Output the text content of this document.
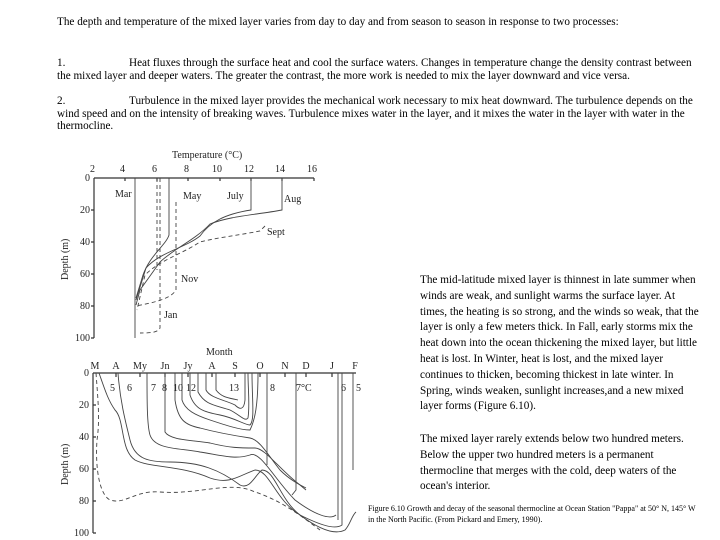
The depth and temperature of the mixed layer varies from day to day and from season to season in response to two processes:
1.	Heat fluxes through the surface heat and cool the surface waters. Changes in temperature change the density contrast between the mixed layer and deeper waters. The greater the contrast, the more work is needed to mix the layer downward and vice versa.
2.	Turbulence in the mixed layer provides the mechanical work necessary to mix heat downward. The turbulence depends on the wind speed and on the intensity of breaking waves. Turbulence mixes water in the layer, and it mixes the water in the layer with water in the thermocline.
Temperature (°C)
2	4	6	8 10 12 14 16
0
20
40
60
80
100
Depth (m)
Mar	May	July	Aug
Sept
Nov
Jan
Month
M A My Jn Jy A S O N D J F
0
20
40
60
80
100
Depth (m)
5 6 7 8 10 12	13	8 7°C	6 5
The mid-latitude mixed layer is thinnest in late summer when winds are weak, and sunlight warms the surface layer. At times, the heating is so strong, and the winds so weak, that the layer is only a few meters thick. In Fall, early storms mix the heat down into the ocean thickening the mixed layer, but little heat is lost. In Winter, heat is lost, and the mixed layer continues to thicken, becoming thickest in late winter. In Spring, winds weaken, sunlight increases,and a new mixed layer forms (Figure 6.10).
The mixed layer rarely extends below two hundred meters. Below the upper two hundred meters is a permanent thermocline that merges with the cold, deep waters of the ocean's interior.
Figure 6.10 Growth and decay of the seasonal thermocline at Ocean Station "Pappa" at 50° N, 145° W in the North Pacific. (From Pickard and Emery, 1990).
